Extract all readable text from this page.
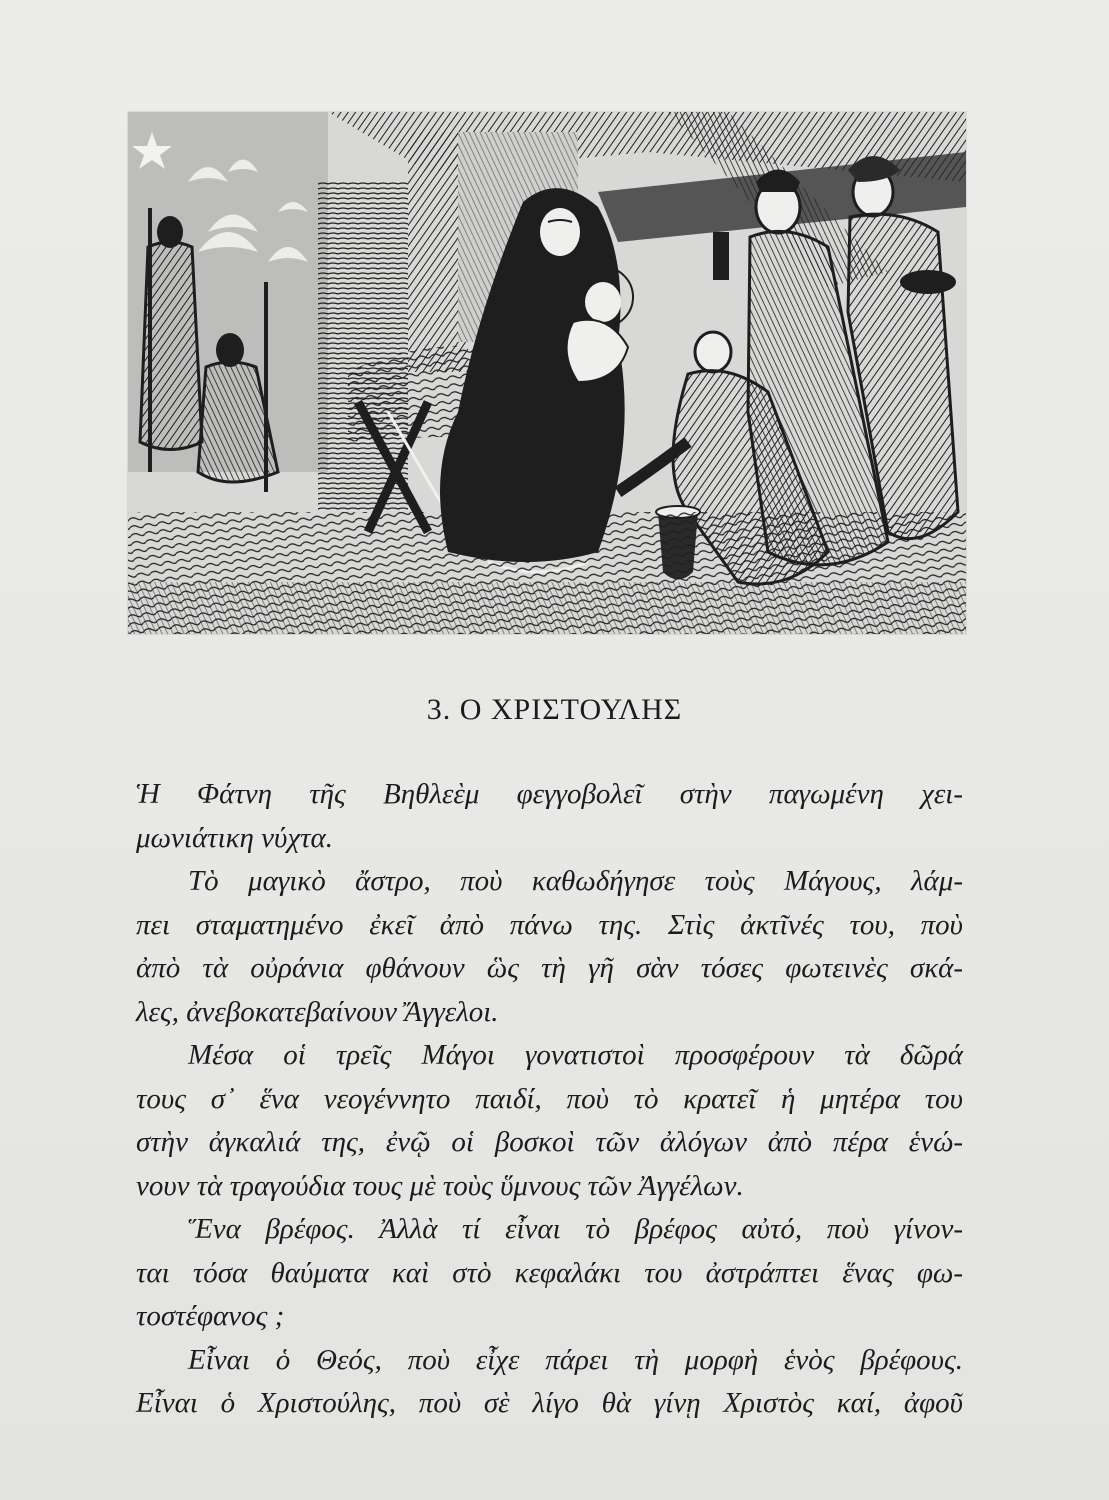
3. Ο ΧΡΙΣΤΟΥΛΗΣ
Ἡ Φάτνη τῆς Βηθλεὲμ φεγγοβολεῖ στὴν παγωμένη χει-
μωνιάτικη νύχτα.
Τὸ μαγικὸ ἄστρο, ποὺ καθωδήγησε τοὺς Μάγους, λάμ-
πει σταματημένο ἐκεῖ ἀπὸ πάνω της. Στὶς ἀκτῖνές του, ποὺ
ἀπὸ τὰ οὐράνια φθάνουν ὣς τὴ γῆ σὰν τόσες φωτεινὲς σκά-
λες, ἀνεβοκατεβαίνουν Ἄγγελοι.
Μέσα οἱ τρεῖς Μάγοι γονατιστοὶ προσφέρουν τὰ δῶρά
τους σ᾽ ἕνα νεογέννητο παιδί, ποὺ τὸ κρατεῖ ἡ μητέρα του
στὴν ἀγκαλιά της, ἐνῷ οἱ βοσκοὶ τῶν ἀλόγων ἀπὸ πέρα ἑνώ-
νουν τὰ τραγούδια τους μὲ τοὺς ὕμνους τῶν Ἀγγέλων.
Ἕνα βρέφος. Ἀλλὰ τί εἶναι τὸ βρέφος αὐτό, ποὺ γίνον-
ται τόσα θαύματα καὶ στὸ κεφαλάκι του ἀστράπτει ἕνας φω-
τοστέφανος ;
Εἶναι ὁ Θεός, ποὺ εἶχε πάρει τὴ μορφὴ ἑνὸς βρέφους.
Εἶναι ὁ Χριστούλης, ποὺ σὲ λίγο θὰ γίνῃ Χριστὸς καί, ἀφοῦ
